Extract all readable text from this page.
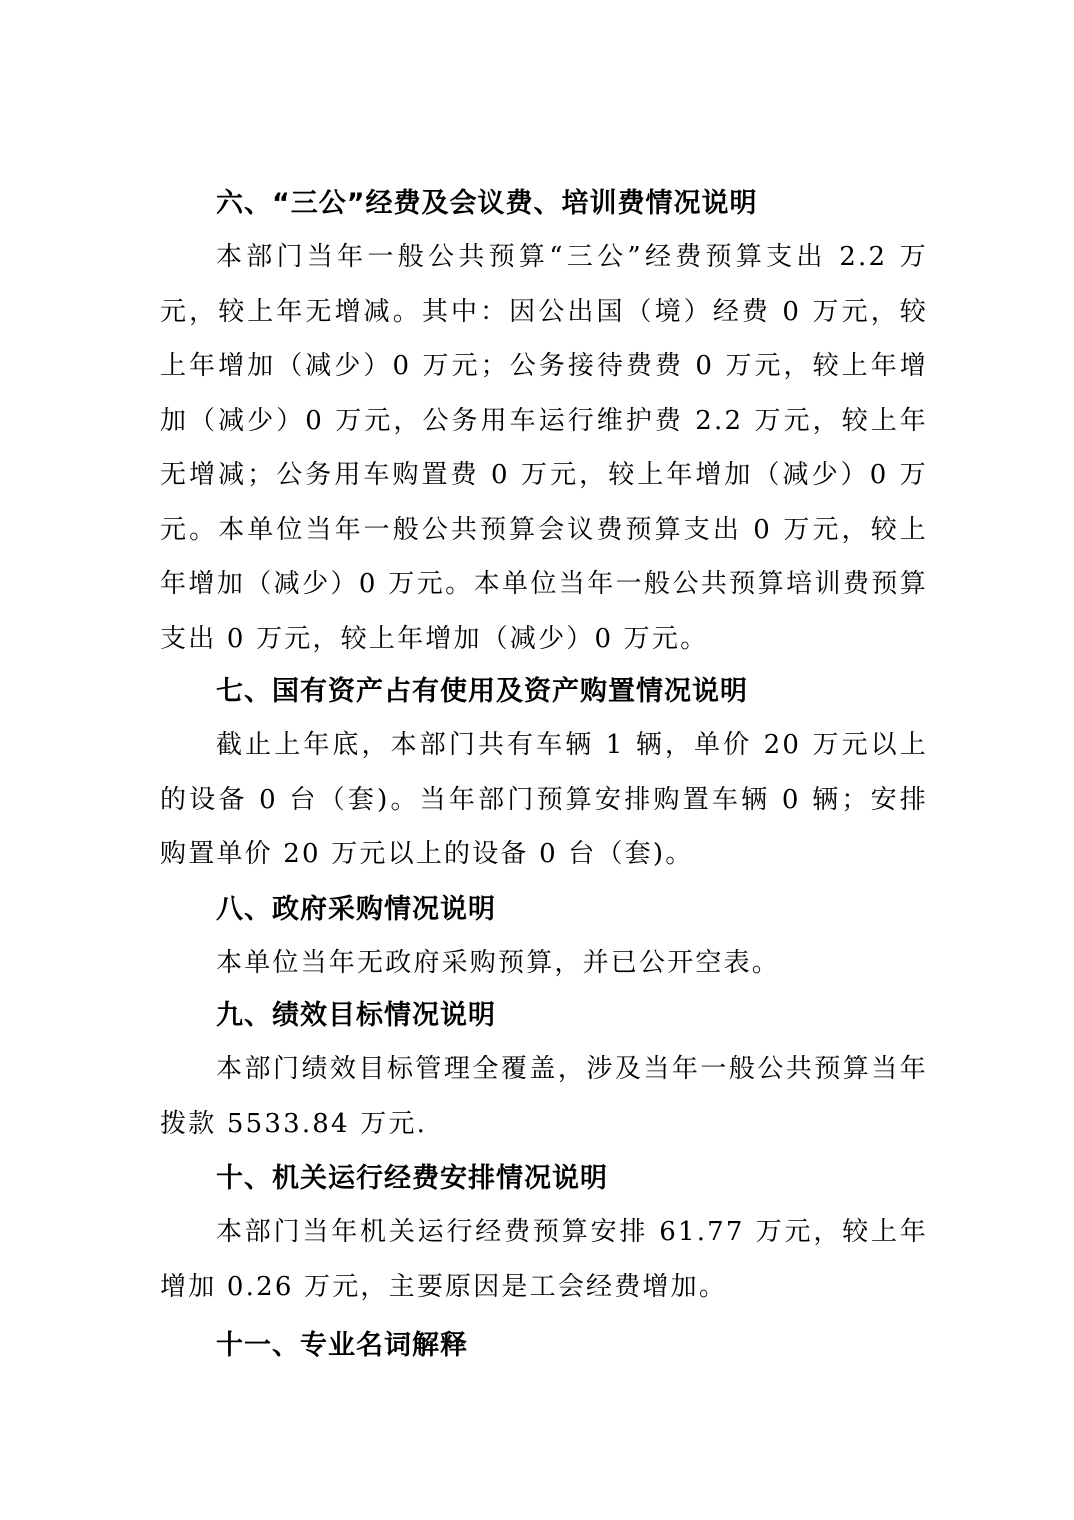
六、“三公”经费及会议费、培训费情况说明

本部门当年一般公共预算“三公”经费预算支出 2.2 万元，较上年无增减。其中：因公出国（境）经费 0 万元，较上年增加（减少）0 万元；公务接待费费 0 万元，较上年增加（减少）0 万元，公务用车运行维护费 2.2 万元，较上年无增减；公务用车购置费 0 万元，较上年增加（减少）0 万元。本单位当年一般公共预算会议费预算支出 0 万元，较上年增加（减少）0 万元。本单位当年一般公共预算培训费预算支出 0 万元，较上年增加（减少）0 万元。

七、国有资产占有使用及资产购置情况说明

截止上年底，本部门共有车辆 1 辆，单价 20 万元以上的设备 0 台（套)。当年部门预算安排购置车辆 0 辆；安排购置单价 20 万元以上的设备 0 台（套)。

八、政府采购情况说明

本单位当年无政府采购预算，并已公开空表。

九、绩效目标情况说明

本部门绩效目标管理全覆盖，涉及当年一般公共预算当年拨款 5533.84 万元.

十、机关运行经费安排情况说明

本部门当年机关运行经费预算安排 61.77 万元，较上年增加 0.26 万元，主要原因是工会经费增加。

十一、专业名词解释
